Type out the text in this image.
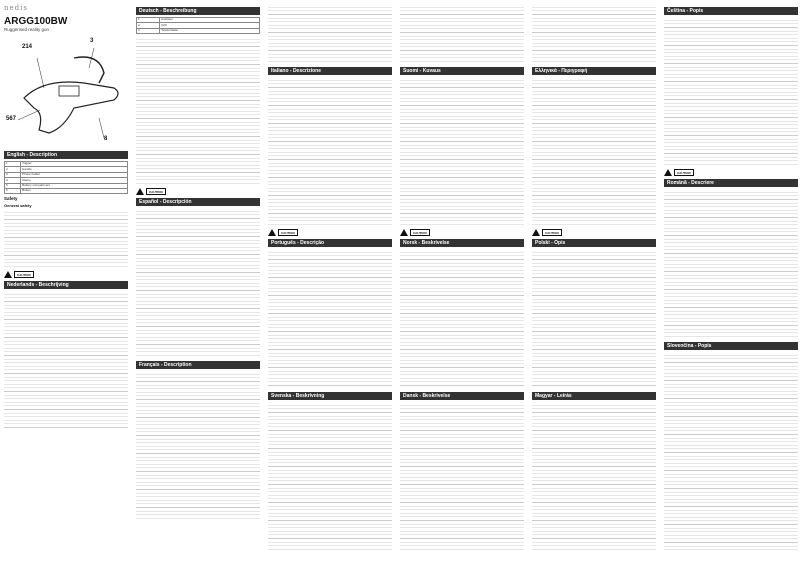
nedis
ARGG100BW
Ruggerised reality gun
214
3
567
8
English - Description
1	Trigger
2	Handle
3	Phone holder
4	Clamp
5	Battery compartment
6	Button
Safety
General safety
CAUTION
Nederlands - Beschrijving
Deutsch - Beschreibung
1	Auslöser
2	Griff
3	Telefonhalter
CAUTION
Español - Descripción
Français - Description
Italiano - Descrizione
CAUTION
Português - Descrição
Svenska - Beskrivning
Suomi - Kuvaus
CAUTION
Norsk - Beskrivelse
Dansk - Beskrivelse
Ελληνικά - Περιγραφή
CAUTION
Polski - Opis
Magyar - Leírás
Čeština - Popis
CAUTION
Română - Descriere
Slovenčina - Popis
